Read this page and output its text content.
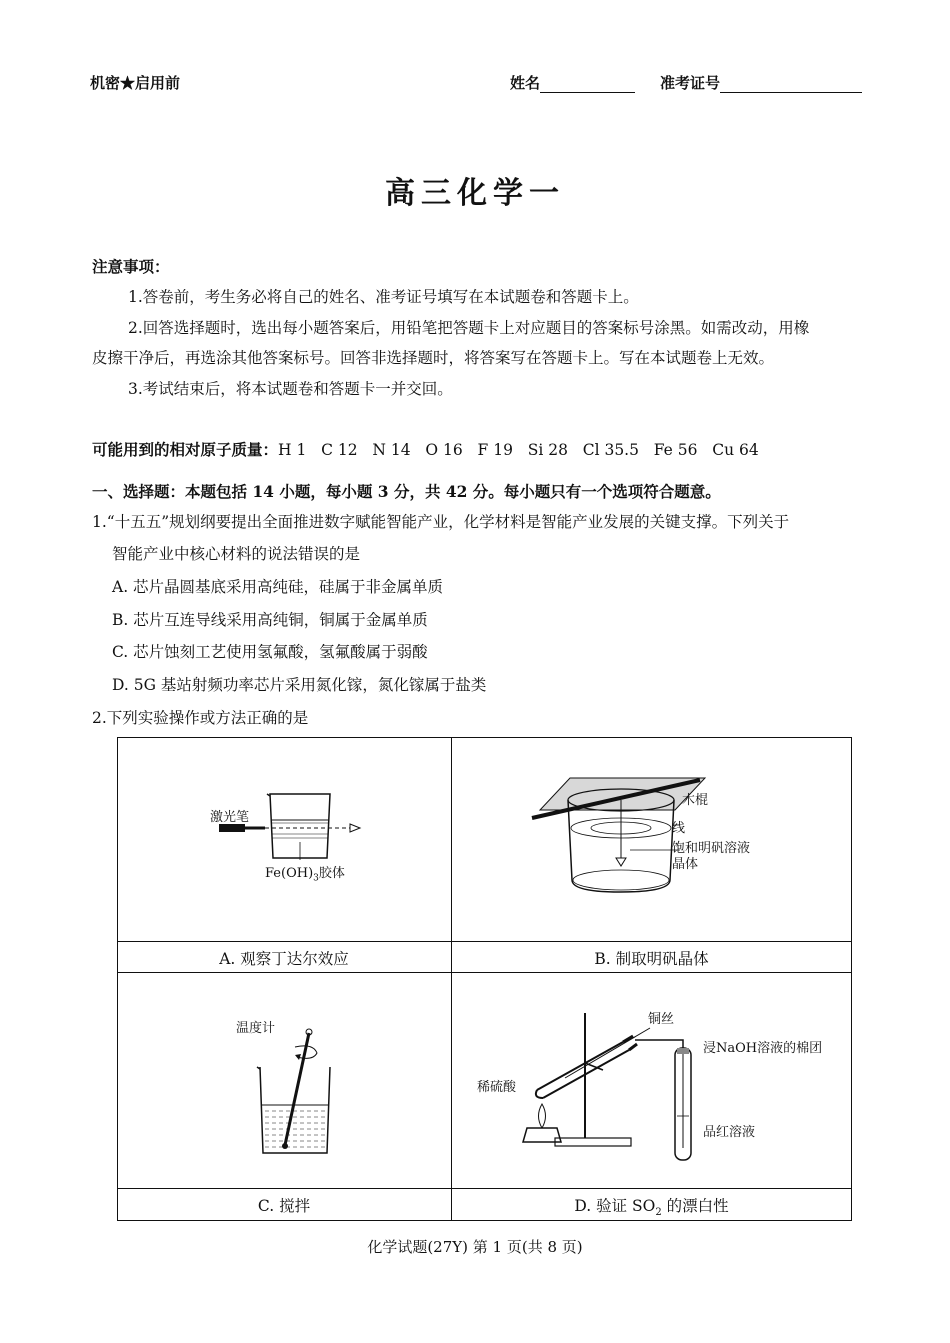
机密★启用前	姓名	准考证号
高三化学一
注意事项：
1.答卷前，考生务必将自己的姓名、准考证号填写在本试题卷和答题卡上。
2.回答选择题时，选出每小题答案后，用铅笔把答题卡上对应题目的答案标号涂黑。如需改动，用橡
皮擦干净后，再选涂其他答案标号。回答非选择题时，将答案写在答题卡上。写在本试题卷上无效。
3.考试结束后，将本试题卷和答题卡一并交回。
可能用到的相对原子质量：H 1   C 12   N 14   O 16   F 19   Si 28   Cl 35.5   Fe 56   Cu 64
一、选择题：本题包括 14 小题，每小题 3 分，共 42 分。每小题只有一个选项符合题意。
1.“十五五”规划纲要提出全面推进数字赋能智能产业，化学材料是智能产业发展的关键支撑。下列关于
智能产业中核心材料的说法错误的是
A. 芯片晶圆基底采用高纯硅，硅属于非金属单质
B. 芯片互连导线采用高纯铜，铜属于金属单质
C. 芯片蚀刻工艺使用氢氟酸，氢氟酸属于弱酸
D. 5G 基站射频功率芯片采用氮化镓，氮化镓属于盐类
2.下列实验操作或方法正确的是
A. 观察丁达尔效应	B. 制取明矾晶体
C. 搅拌	D. 验证 $SO_2$ 的漂白性
激光笔
$Fe(OH)_3$胶体
木棍
线
饱和明矾溶液
晶体
温度计
铜丝
浸NaOH溶液的棉团
稀硫酸
品红溶液
化学试题(27Y) 第 1 页(共 8 页)
